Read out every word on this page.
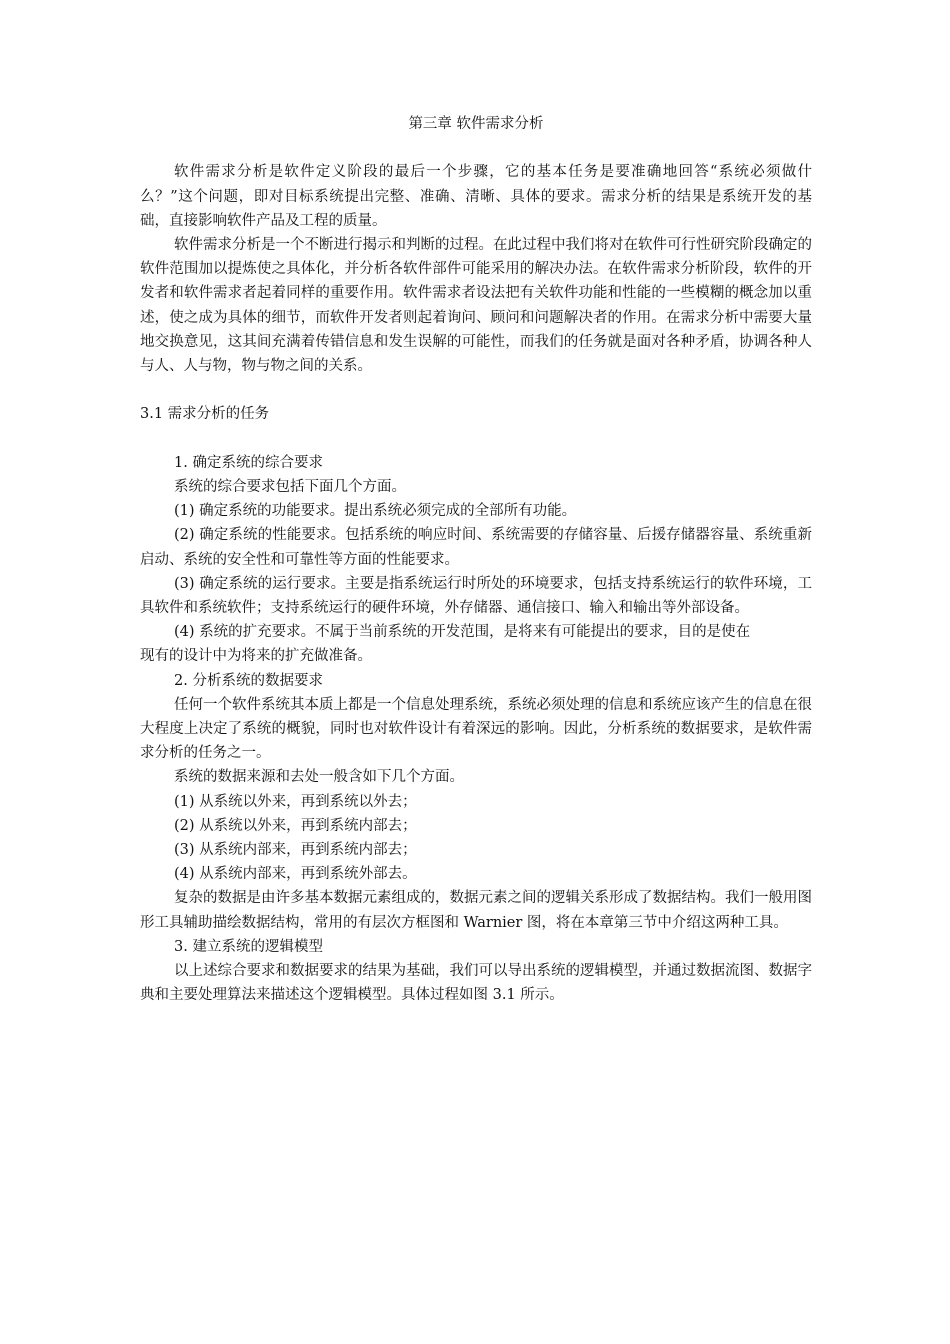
第三章 软件需求分析

软件需求分析是软件定义阶段的最后一个步骤，它的基本任务是要准确地回答“系统必须做什么？”这个问题，即对目标系统提出完整、准确、清晰、具体的要求。需求分析的结果是系统开发的基础，直接影响软件产品及工程的质量。

软件需求分析是一个不断进行揭示和判断的过程。在此过程中我们将对在软件可行性研究阶段确定的软件范围加以提炼使之具体化，并分析各软件部件可能采用的解决办法。在软件需求分析阶段，软件的开发者和软件需求者起着同样的重要作用。软件需求者设法把有关软件功能和性能的一些模糊的概念加以重述，使之成为具体的细节，而软件开发者则起着询问、顾问和问题解决者的作用。在需求分析中需要大量地交换意见，这其间充满着传错信息和发生误解的可能性，而我们的任务就是面对各种矛盾，协调各种人与人、人与物，物与物之间的关系。

3.1 需求分析的任务

1. 确定系统的综合要求

系统的综合要求包括下面几个方面。

(1) 确定系统的功能要求。提出系统必须完成的全部所有功能。

(2) 确定系统的性能要求。包括系统的响应时间、系统需要的存储容量、后援存储器容量、系统重新启动、系统的安全性和可靠性等方面的性能要求。

(3) 确定系统的运行要求。主要是指系统运行时所处的环境要求，包括支持系统运行的软件环境，工具软件和系统软件；支持系统运行的硬件环境，外存储器、通信接口、输入和输出等外部设备。

(4) 系统的扩充要求。不属于当前系统的开发范围，是将来有可能提出的要求，目的是使在

现有的设计中为将来的扩充做准备。

2. 分析系统的数据要求

任何一个软件系统其本质上都是一个信息处理系统，系统必须处理的信息和系统应该产生的信息在很大程度上决定了系统的概貌，同时也对软件设计有着深远的影响。因此，分析系统的数据要求，是软件需求分析的任务之一。

系统的数据来源和去处一般含如下几个方面。

(1) 从系统以外来，再到系统以外去；

(2) 从系统以外来，再到系统内部去；

(3) 从系统内部来，再到系统内部去；

(4) 从系统内部来，再到系统外部去。

复杂的数据是由许多基本数据元素组成的，数据元素之间的逻辑关系形成了数据结构。我们一般用图形工具辅助描绘数据结构，常用的有层次方框图和 Warnier 图，将在本章第三节中介绍这两种工具。

3. 建立系统的逻辑模型

以上述综合要求和数据要求的结果为基础，我们可以导出系统的逻辑模型，并通过数据流图、数据字典和主要处理算法来描述这个逻辑模型。具体过程如图 3.1 所示。
